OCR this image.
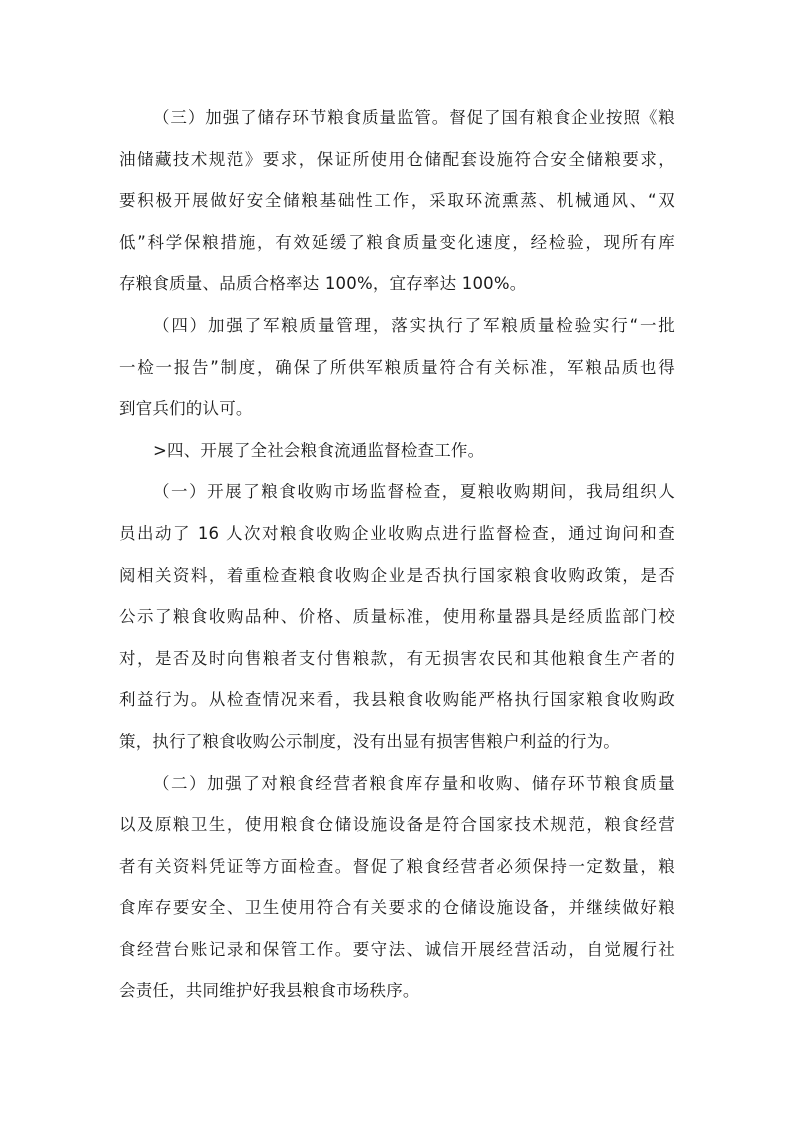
（三）加强了储存环节粮食质量监管。督促了国有粮食企业按照《粮
油储藏技术规范》要求，保证所使用仓储配套设施符合安全储粮要求，
要积极开展做好安全储粮基础性工作，采取环流熏蒸、机械通风、“双
低”科学保粮措施，有效延缓了粮食质量变化速度，经检验，现所有库
存粮食质量、品质合格率达 100%，宜存率达 100%。
（四）加强了军粮质量管理，落实执行了军粮质量检验实行“一批
一检一报告”制度，确保了所供军粮质量符合有关标准，军粮品质也得
到官兵们的认可。
>四、开展了全社会粮食流通监督检查工作。
（一）开展了粮食收购市场监督检查，夏粮收购期间，我局组织人
员出动了 16 人次对粮食收购企业收购点进行监督检查，通过询问和查
阅相关资料，着重检查粮食收购企业是否执行国家粮食收购政策，是否
公示了粮食收购品种、价格、质量标准，使用称量器具是经质监部门校
对，是否及时向售粮者支付售粮款，有无损害农民和其他粮食生产者的
利益行为。从检查情况来看，我县粮食收购能严格执行国家粮食收购政
策，执行了粮食收购公示制度，没有出显有损害售粮户利益的行为。
（二）加强了对粮食经营者粮食库存量和收购、储存环节粮食质量
以及原粮卫生，使用粮食仓储设施设备是符合国家技术规范，粮食经营
者有关资料凭证等方面检查。督促了粮食经营者必须保持一定数量，粮
食库存要安全、卫生使用符合有关要求的仓储设施设备，并继续做好粮
食经营台账记录和保管工作。要守法、诚信开展经营活动，自觉履行社
会责任，共同维护好我县粮食市场秩序。
